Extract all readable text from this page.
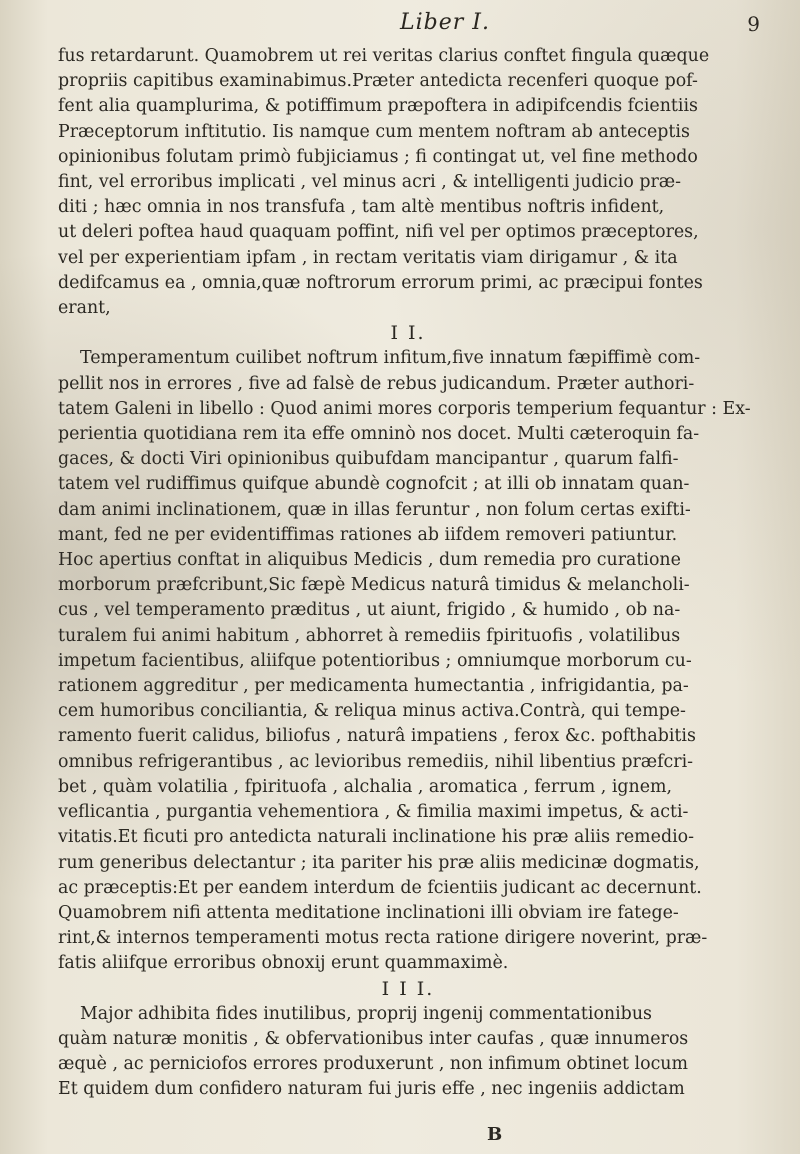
Liber I.	9
fus retardarunt. Quamobrem ut rei veritas clarius conftet fingula quæque
propriis capitibus examinabimus.Præter antedicta recenferi quoque pof-
fent alia quamplurima, & potiffimum præpoftera in adipifcendis fcientiis
Præceptorum inftitutio. Iis namque cum mentem noftram ab anteceptis
opinionibus folutam primò fubjiciamus ; fi contingat ut, vel fine methodo
fint, vel erroribus implicati , vel minus acri , & intelligenti judicio præ-
diti ; hæc omnia in nos transfufa , tam altè mentibus noftris infident,
ut deleri poftea haud quaquam poffint, nifi vel per optimos præceptores,
vel per experientiam ipfam , in rectam veritatis viam dirigamur , & ita
dedifcamus ea , omnia,quæ noftrorum errorum primi, ac præcipui fontes
erant,
I I.
Temperamentum cuilibet noftrum infitum,five innatum fæpiffimè com-
pellit nos in errores , five ad falsè de rebus judicandum. Præter authori-
tatem Galeni in libello : Quod animi mores corporis temperium fequantur : Ex-
perientia quotidiana rem ita effe omninò nos docet. Multi cæteroquin fa-
gaces, & docti Viri opinionibus quibufdam mancipantur , quarum falfi-
tatem vel rudiffimus quifque abundè cognofcit ; at illi ob innatam quan-
dam animi inclinationem, quæ in illas feruntur , non folum certas exifti-
mant, fed ne per evidentiffimas rationes ab iifdem removeri patiuntur.
Hoc apertius conftat in aliquibus Medicis , dum remedia pro curatione
morborum præfcribunt,Sic fæpè Medicus naturâ timidus & melancholi-
cus , vel temperamento præditus , ut aiunt, frigido , & humido , ob na-
turalem fui animi habitum , abhorret à remediis fpirituofis , volatilibus
impetum facientibus, aliifque potentioribus ; omniumque morborum cu-
rationem aggreditur , per medicamenta humectantia , infrigidantia, pa-
cem humoribus conciliantia, & reliqua minus activa.Contrà, qui tempe-
ramento fuerit calidus, biliofus , naturâ impatiens , ferox &c. pofthabitis
omnibus refrigerantibus , ac levioribus remediis, nihil libentius præfcri-
bet , quàm volatilia , fpirituofa , alchalia , aromatica , ferrum , ignem,
veflicantia , purgantia vehementiora , & fimilia maximi impetus, & acti-
vitatis.Et ficuti pro antedicta naturali inclinatione his præ aliis remedio-
rum generibus delectantur ; ita pariter his præ aliis medicinæ dogmatis,
ac præceptis:Et per eandem interdum de fcientiis judicant ac decernunt.
Quamobrem nifi attenta meditatione inclinationi illi obviam ire fatege-
rint,& internos temperamenti motus recta ratione dirigere noverint, præ-
fatis aliifque erroribus obnoxij erunt quammaximè.
I I I.
Major adhibita fides inutilibus, proprij ingenij commentationibus
quàm naturæ monitis , & obfervationibus inter caufas , quæ innumeros
æquè , ac perniciofos errores produxerunt , non infimum obtinet locum
Et quidem dum confidero naturam fui juris effe , nec ingeniis addictam
B
